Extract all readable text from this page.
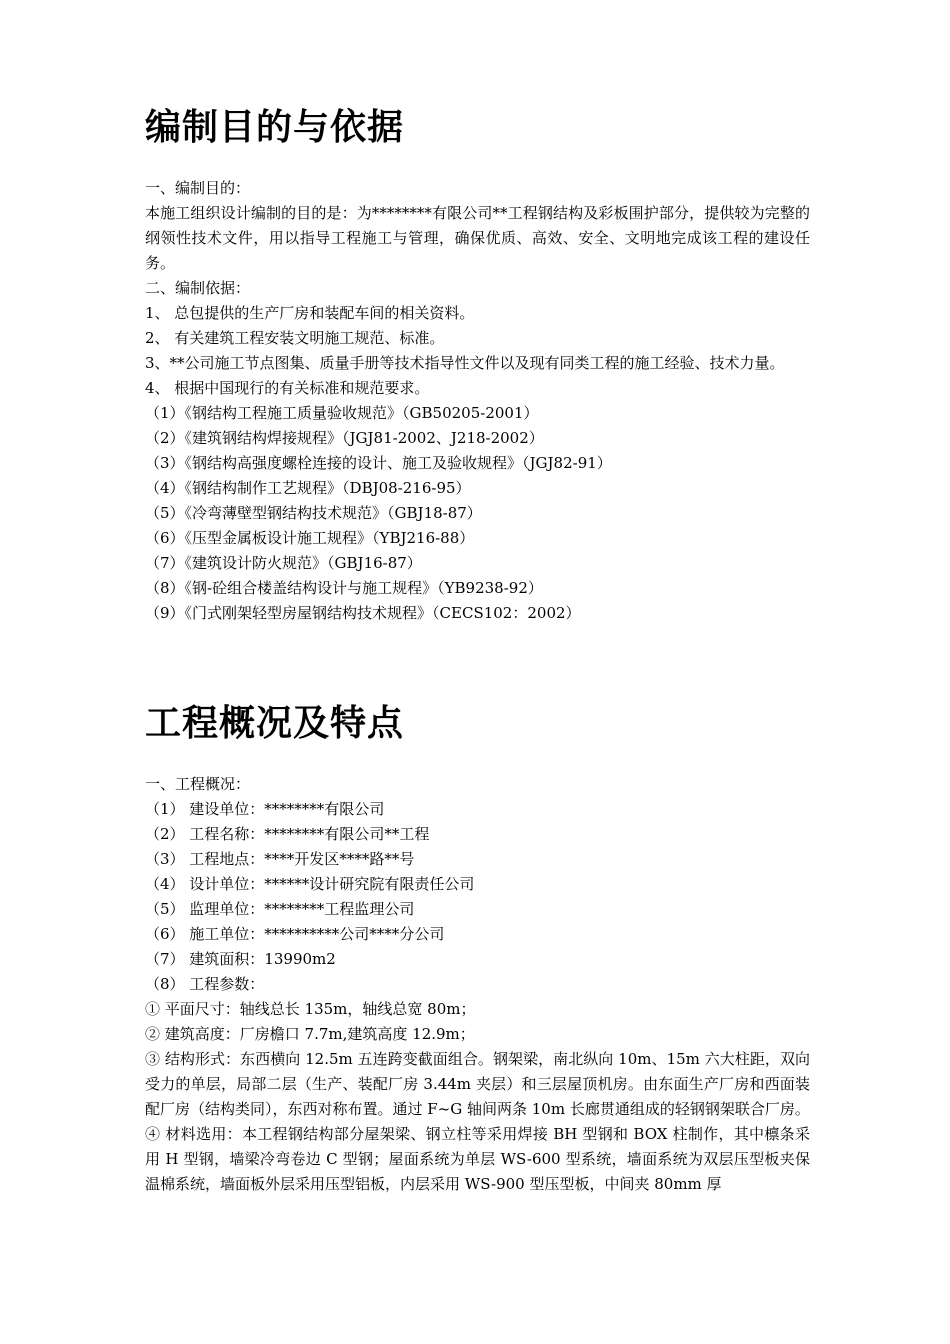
编制目的与依据

一、编制目的：

本施工组织设计编制的目的是：为********有限公司**工程钢结构及彩板围护部分，提供较为完整的纲领性技术文件，用以指导工程施工与管理，确保优质、高效、安全、文明地完成该工程的建设任务。

二、编制依据：

1、 总包提供的生产厂房和装配车间的相关资料。

2、 有关建筑工程安装文明施工规范、标准。

3、**公司施工节点图集、质量手册等技术指导性文件以及现有同类工程的施工经验、技术力量。

4、 根据中国现行的有关标准和规范要求。

（1）《钢结构工程施工质量验收规范》（GB50205-2001）

（2）《建筑钢结构焊接规程》（JGJ81-2002、J218-2002）

（3）《钢结构高强度螺栓连接的设计、施工及验收规程》（JGJ82-91）

（4）《钢结构制作工艺规程》（DBJ08-216-95）

（5）《冷弯薄壁型钢结构技术规范》（GBJ18-87）

（6）《压型金属板设计施工规程》（YBJ216-88）

（7）《建筑设计防火规范》（GBJ16-87）

（8）《钢-砼组合楼盖结构设计与施工规程》（YB9238-92）

（9）《门式刚架轻型房屋钢结构技术规程》（CECS102：2002）

工程概况及特点

一、工程概况：

（1） 建设单位：********有限公司

（2） 工程名称：********有限公司**工程

（3） 工程地点：****开发区****路**号

（4） 设计单位：******设计研究院有限责任公司

（5） 监理单位：********工程监理公司

（6） 施工单位：**********公司****分公司

（7） 建筑面积：13990m2

（8） 工程参数：

① 平面尺寸：轴线总长 135m，轴线总宽 80m；

② 建筑高度：厂房檐口 7.7m,建筑高度 12.9m；

③ 结构形式：东西横向 12.5m 五连跨变截面组合。钢架梁，南北纵向 10m、15m 六大柱距，双向受力的单层，局部二层（生产、装配厂房 3.44m 夹层）和三层屋顶机房。由东面生产厂房和西面装配厂房（结构类同），东西对称布置。通过 F~G 轴间两条 10m 长廊贯通组成的轻钢钢架联合厂房。

④ 材料选用：本工程钢结构部分屋架梁、钢立柱等采用焊接 BH 型钢和 BOX 柱制作，其中檩条采用 H 型钢，墙梁冷弯卷边 C 型钢；屋面系统为单层 WS-600 型系统，墙面系统为双层压型板夹保温棉系统，墙面板外层采用压型铝板，内层采用 WS-900 型压型板，中间夹 80mm 厚
